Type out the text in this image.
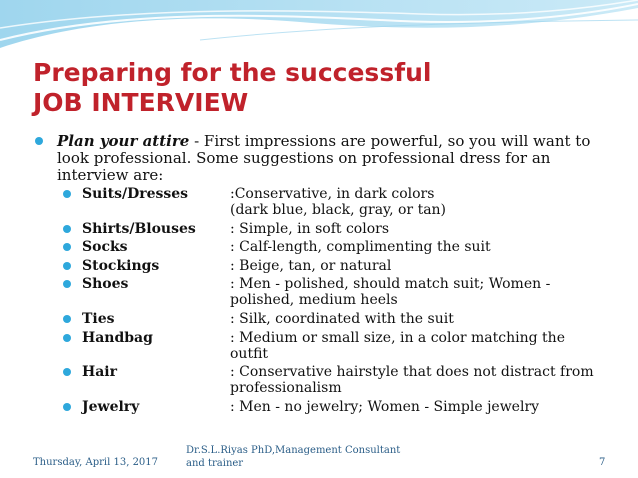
Preparing for the successful
JOB INTERVIEW
Plan your attire - First impressions are powerful, so you will want to look professional. Some suggestions on professional dress for an interview are:
Suits/Dresses	:Conservative, in dark colors
(dark blue, black, gray, or tan)
Shirts/Blouses : Simple, in soft colors
Socks	: Calf-length, complimenting the suit
Stockings	: Beige, tan, or natural
Shoes	: Men - polished, should match suit; Women - polished, medium heels
Ties	: Silk, coordinated with the suit
Handbag	: Medium or small size, in a color matching the outfit
Hair	: Conservative hairstyle that does not distract from professionalism
Jewelry	: Men - no jewelry; Women - Simple jewelry
Thursday, April 13, 2017
Dr.S.L.Riyas PhD,Management Consultant and trainer	7
